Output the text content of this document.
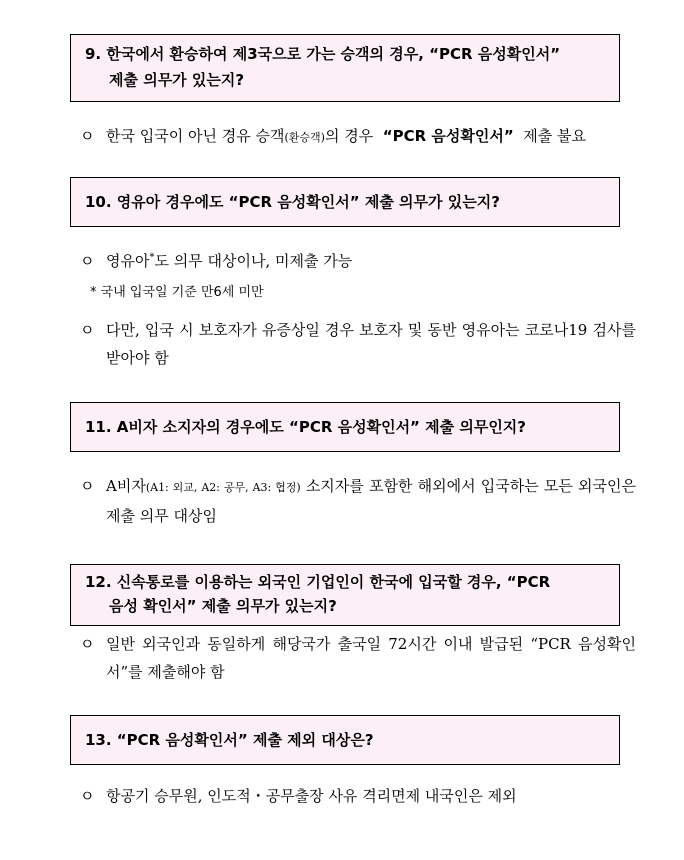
9. 한국에서 환승하여 제3국으로 가는 승객의 경우, “PCR 음성확인서”
제출 의무가 있는지?
ㅇ 한국 입국이 아닌 경유 승객(환승객)의 경우 “PCR 음성확인서” 제출 불요
10. 영유아 경우에도 “PCR 음성확인서” 제출 의무가 있는지?
ㅇ 영유아*도 의무 대상이나, 미제출 가능
* 국내 입국일 기준 만6세 미만
ㅇ 다만, 입국 시 보호자가 유증상일 경우 보호자 및 동반 영유아는 코로나19 검사를 받아야 함
11. A비자 소지자의 경우에도 “PCR 음성확인서” 제출 의무인지?
ㅇ A비자(A1: 외교, A2: 공무, A3: 협정) 소지자를 포함한 해외에서 입국하는 모든 외국인은 제출 의무 대상임
12. 신속통로를 이용하는 외국인 기업인이 한국에 입국할 경우, “PCR
음성 확인서” 제출 의무가 있는지?
ㅇ 일반 외국인과 동일하게 해당국가 출국일 72시간 이내 발급된 “PCR 음성확인서”를 제출해야 함
13. “PCR 음성확인서” 제출 제외 대상은?
ㅇ 항공기 승무원, 인도적・공무출장 사유 격리면제 내국인은 제외
